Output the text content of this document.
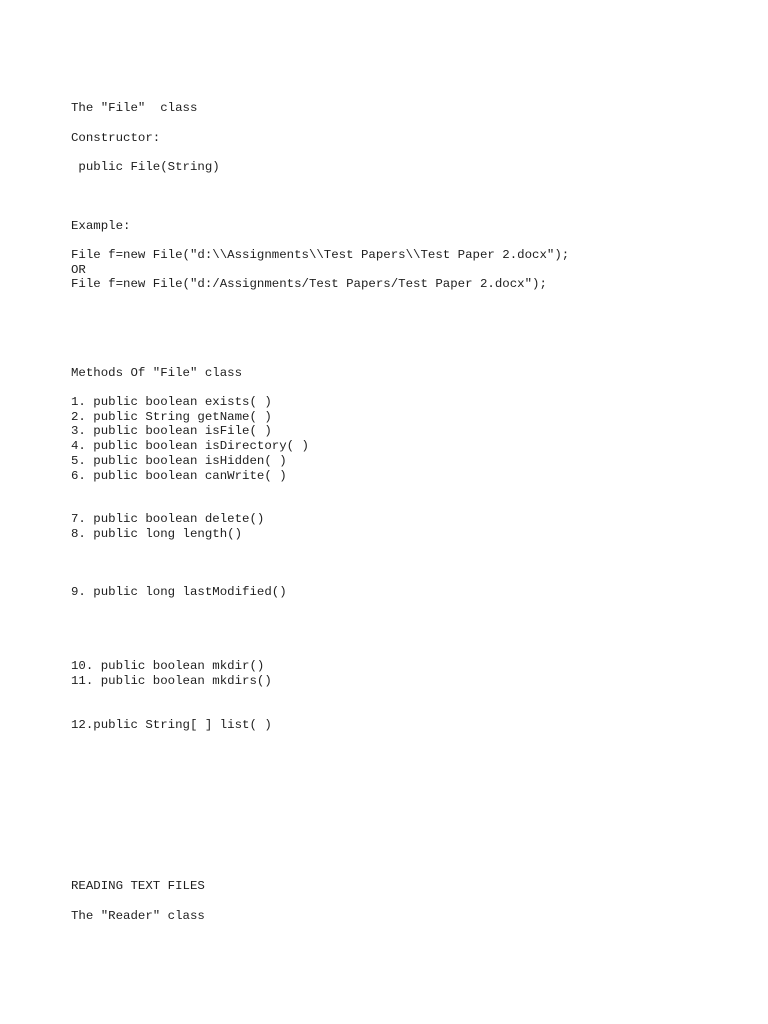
The "File"  class

Constructor:

public File(String)

Example:

File f=new File("d:\\Assignments\\Test Papers\\Test Paper 2.docx");

OR

File f=new File("d:/Assignments/Test Papers/Test Paper 2.docx");

Methods Of "File" class

1. public boolean exists( )

2. public String getName( )

3. public boolean isFile( )

4. public boolean isDirectory( )

5. public boolean isHidden( )

6. public boolean canWrite( )

7. public boolean delete()

8. public long length()

9. public long lastModified()

10. public boolean mkdir()

11. public boolean mkdirs()

12.public String[ ] list( )

READING TEXT FILES

The "Reader" class
